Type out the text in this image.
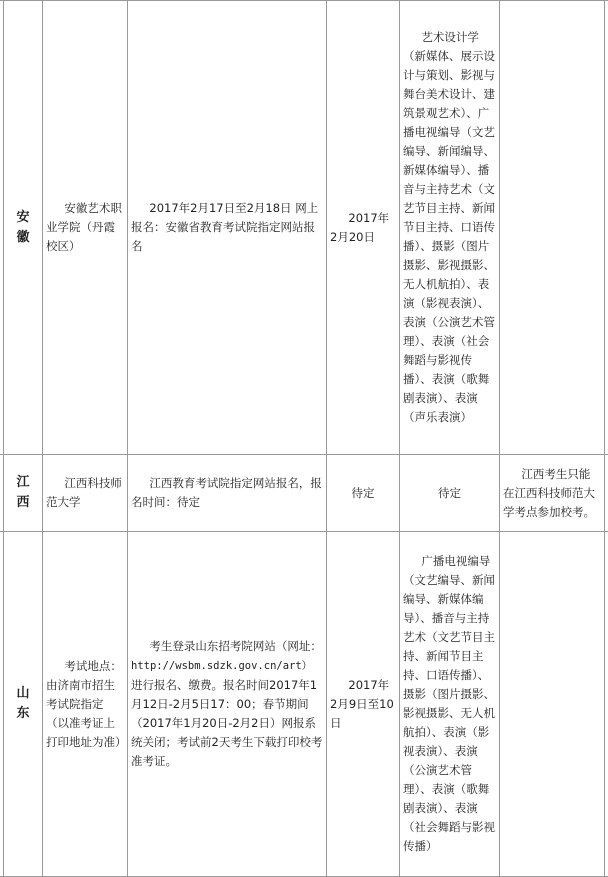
安徽
安徽艺术职业学院（丹霞校区）
2017年2月17日至2月18日 网上报名：安徽省教育考试院指定网站报名
2017年2月20日
艺术设计学（新媒体、展示设计与策划、影视与舞台美术设计、建筑景观艺术）、广播电视编导（文艺编导、新闻编导、新媒体编导）、播音与主持艺术（文艺节目主持、新闻节目主持、口语传播）、摄影（图片摄影、影视摄影、无人机航拍）、表演（影视表演）、表演（公演艺术管理）、表演（社会舞蹈与影视传播）、表演（歌舞剧表演）、表演（声乐表演）
江西
江西科技师范大学
江西教育考试院指定网站报名，报名时间：待定
待定	待定
江西考生只能在江西科技师范大学考点参加校考。
山东
考试地点：由济南市招生考试院指定（以准考证上打印地址为准）
考生登录山东招考院网站（网址：http://wsbm.sdzk.gov.cn/art）进行报名、缴费。报名时间2017年1月12日-2月5日17：00；春节期间（2017年1月20日-2月2日）网报系统关闭；考试前2天考生下载打印校考准考证。
2017年2月9日至10日
广播电视编导（文艺编导、新闻编导、新媒体编导）、播音与主持艺术（文艺节目主持、新闻节目主持、口语传播）、摄影（图片摄影、影视摄影、无人机航拍）、表演（影视表演）、表演（公演艺术管理）、表演（歌舞剧表演）、表演（社会舞蹈与影视传播）
